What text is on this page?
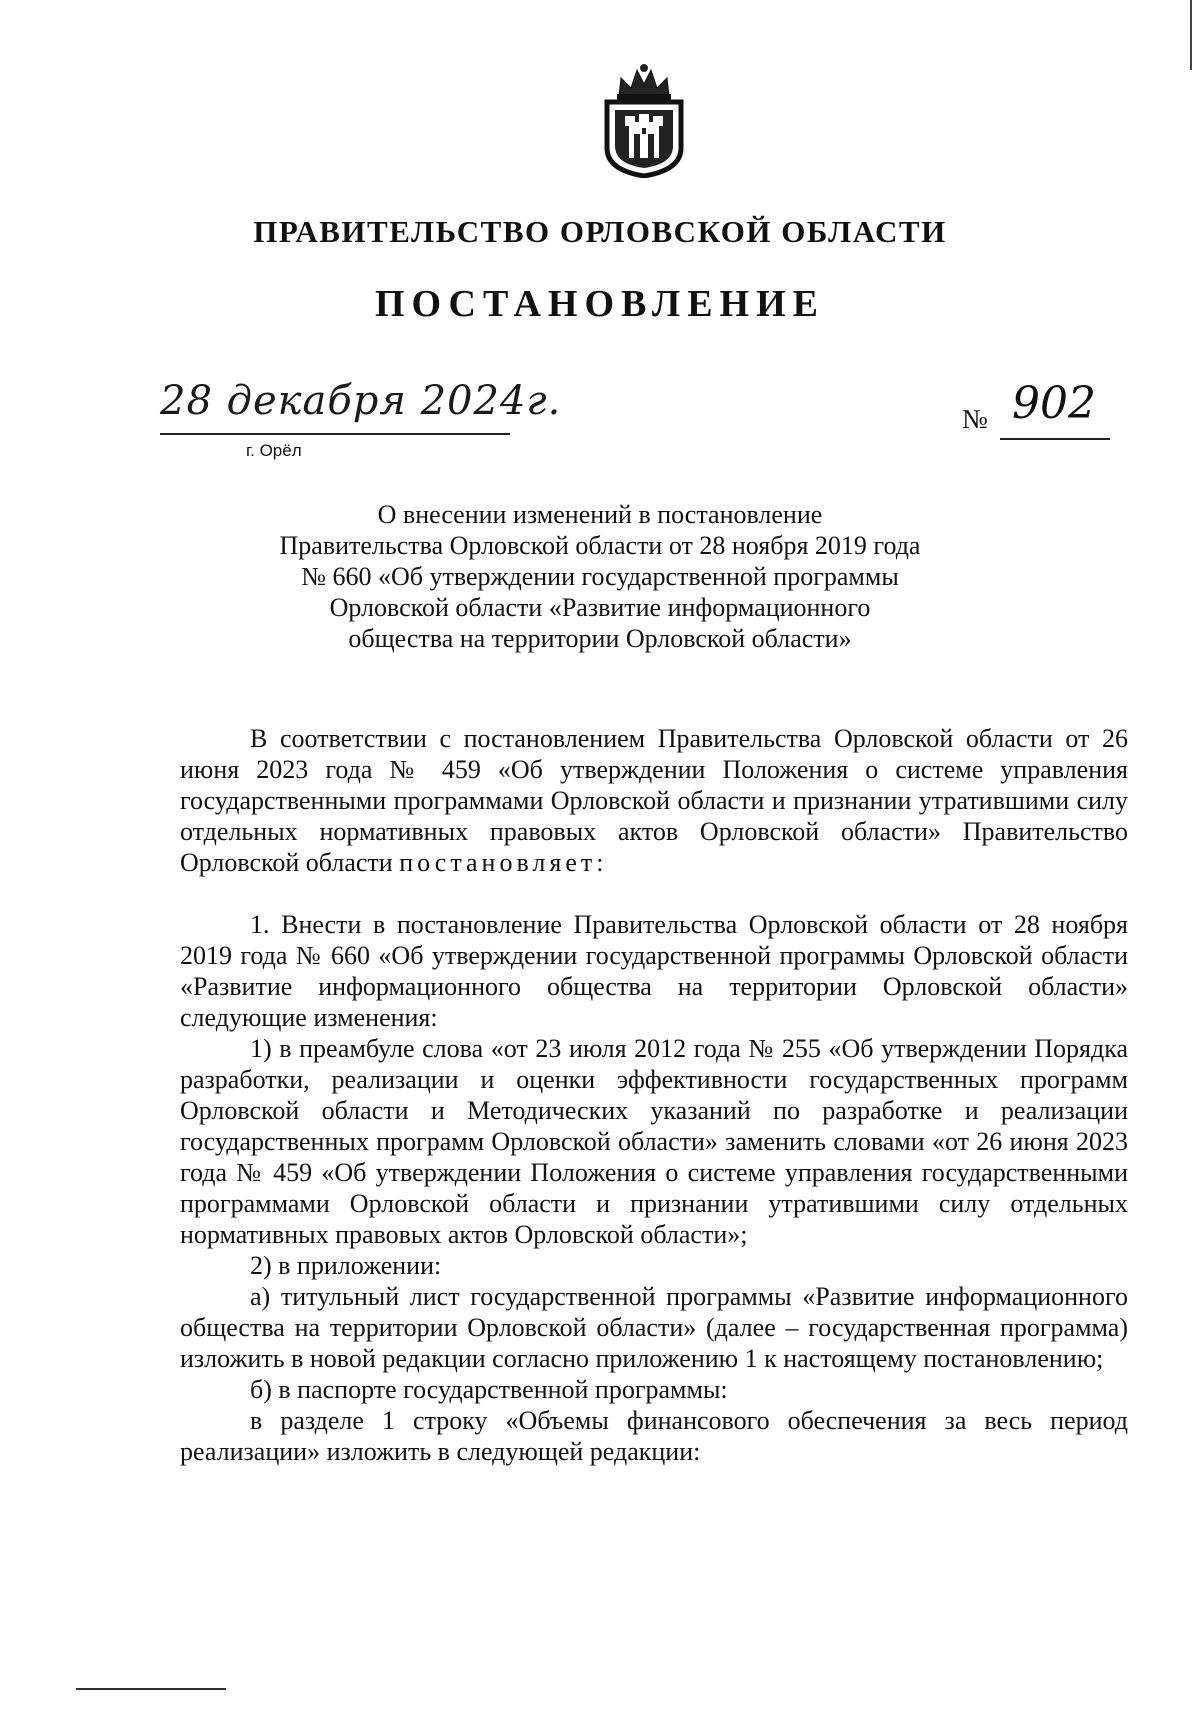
ПРАВИТЕЛЬСТВО ОРЛОВСКОЙ ОБЛАСТИ
ПОСТАНОВЛЕНИЕ
28 декабря 2024г.
г. Орёл
№ 902
О внесении изменений в постановление
Правительства Орловской области от 28 ноября 2019 года
№ 660 «Об утверждении государственной программы
Орловской области «Развитие информационного
общества на территории Орловской области»

В соответствии с постановлением Правительства Орловской области от 26 июня 2023 года № 459 «Об утверждении Положения о системе управления государственными программами Орловской области и признании утратившими силу отдельных нормативных правовых актов Орловской области» Правительство Орловской области постановляет:

1. Внести в постановление Правительства Орловской области от 28 ноября 2019 года № 660 «Об утверждении государственной программы Орловской области «Развитие информационного общества на территории Орловской области» следующие изменения:

1) в преамбуле слова «от 23 июля 2012 года № 255 «Об утверждении Порядка разработки, реализации и оценки эффективности государственных программ Орловской области и Методических указаний по разработке и реализации государственных программ Орловской области» заменить словами «от 26 июня 2023 года № 459 «Об утверждении Положения о системе управления государственными программами Орловской области и признании утратившими силу отдельных нормативных правовых актов Орловской области»;

2) в приложении:

а) титульный лист государственной программы «Развитие информационного общества на территории Орловской области» (далее – государственная программа) изложить в новой редакции согласно приложению 1 к настоящему постановлению;

б) в паспорте государственной программы:

в разделе 1 строку «Объемы финансового обеспечения за весь период реализации» изложить в следующей редакции:
